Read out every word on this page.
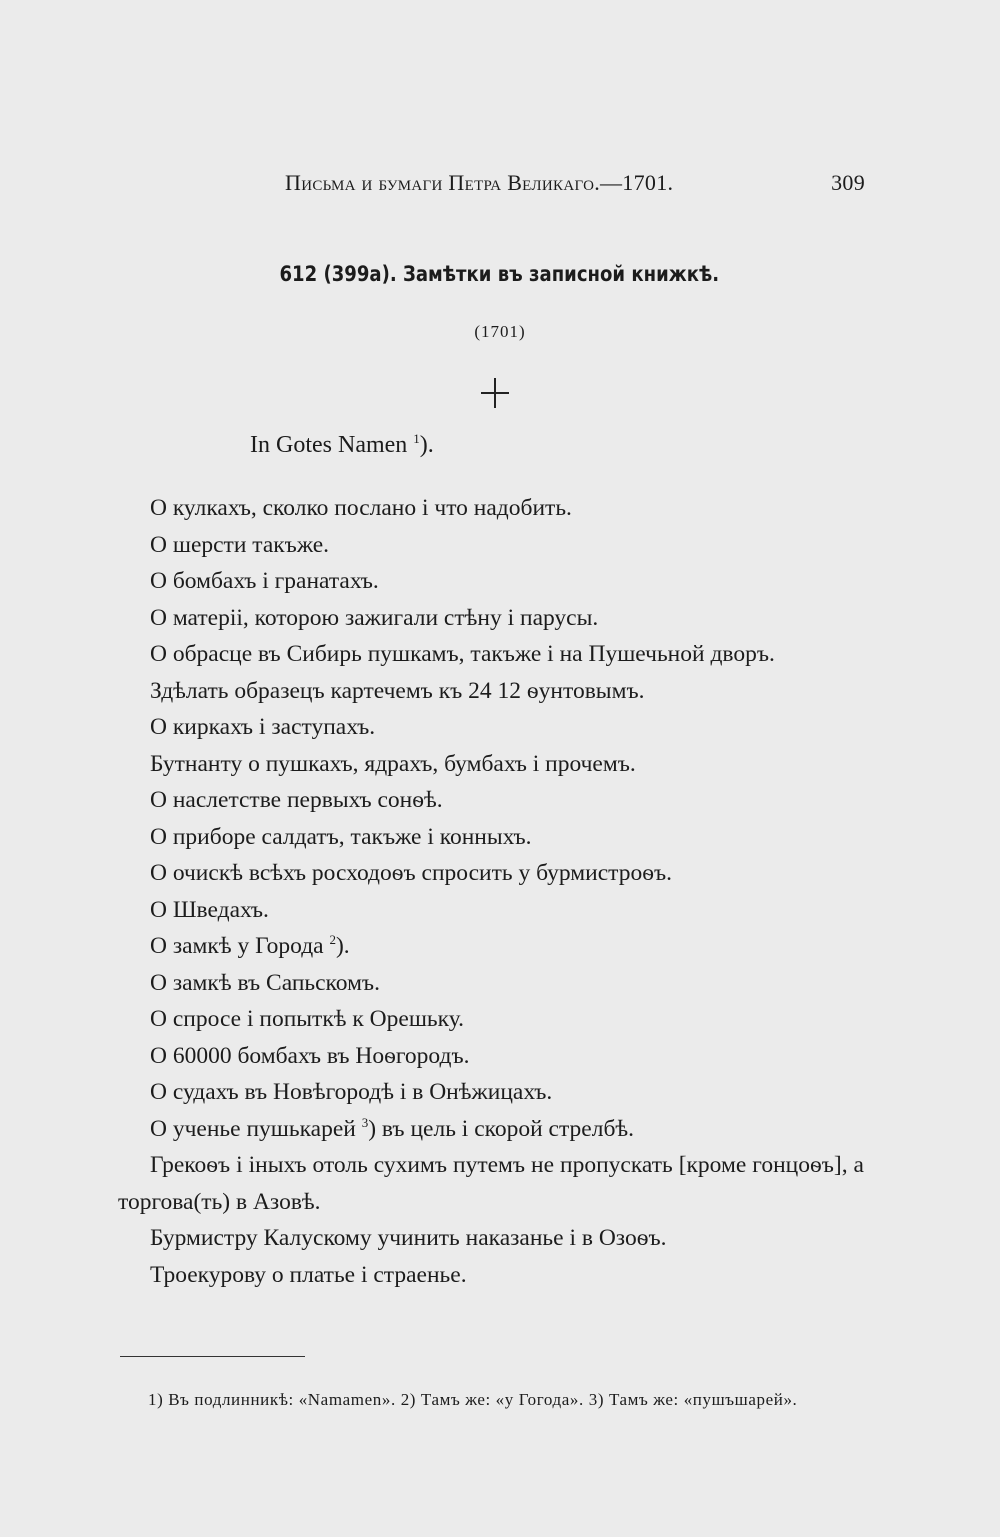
Письма и бумаги Петра Великаго.—1701.	309
612 (399а). Замѣтки въ записной книжкѣ.
(1701)
In Gotes Namen $^1$).

О кулкахъ, сколко послано і что надобить.

О шерсти такъже.

О бомбахъ і гранатахъ.

О матеріі, которою зажигали стѣну і парусы.

О обрасце въ Сибирь пушкамъ, такъже і на Пушечьной дворъ.

Здѣлать образецъ картечемъ къ 24 12 ѳунтовымъ.

О киркахъ і заступахъ.

Бутнанту о пушкахъ, ядрахъ, бумбахъ і прочемъ.

О наслетстве первыхъ сонѳѣ.

О приборе салдатъ, такъже і конныхъ.

О очискѣ всѣхъ росходоѳъ спросить у бурмистроѳъ.

О Шведахъ.

О замкѣ у Города $^2$).

О замкѣ въ Сапьскомъ.

О спросе і попыткѣ к Орешьку.

О 60000 бомбахъ въ Ноѳгородъ.

О судахъ въ Новѣгородѣ і в Онѣжицахъ.

О ученье пушькарей $^3$) въ цель і скорой стрелбѣ.

Грекоѳъ і іныхъ отоль сухимъ путемъ не пропускать [кроме гонцоѳъ], а торгова(ть) в Азовѣ.

Бурмистру Калускому учинить наказанье і в Озоѳъ.

Троекурову о платье і страенье.

1) Въ подлинникѣ: «Namamen». 2) Тамъ же: «у Гогода». 3) Тамъ же: «пушъшарей».
